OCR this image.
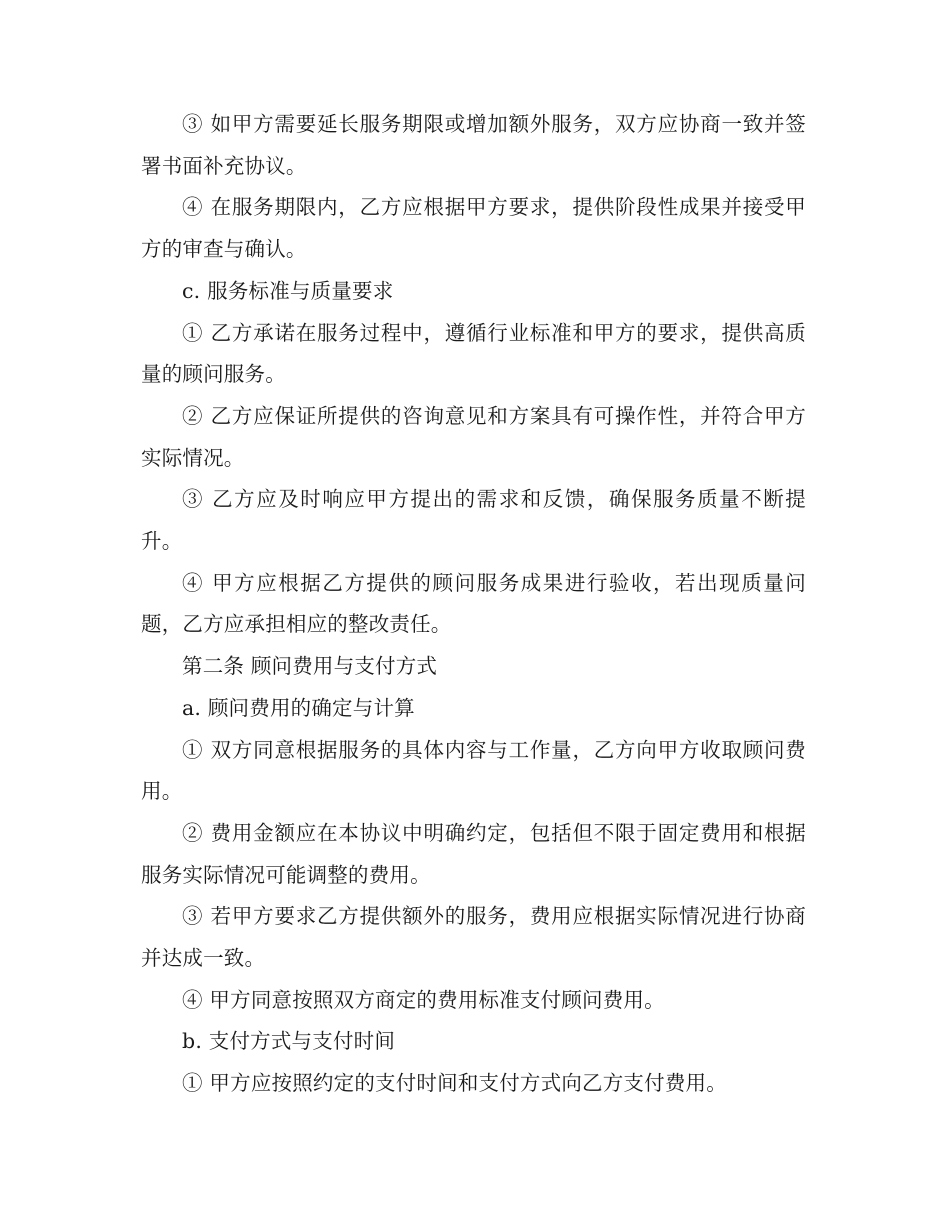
③ 如甲方需要延长服务期限或增加额外服务，双方应协商一致并签署书面补充协议。

④ 在服务期限内，乙方应根据甲方要求，提供阶段性成果并接受甲方的审查与确认。

c. 服务标准与质量要求

① 乙方承诺在服务过程中，遵循行业标准和甲方的要求，提供高质量的顾问服务。

② 乙方应保证所提供的咨询意见和方案具有可操作性，并符合甲方实际情况。

③ 乙方应及时响应甲方提出的需求和反馈，确保服务质量不断提升。

④ 甲方应根据乙方提供的顾问服务成果进行验收，若出现质量问题，乙方应承担相应的整改责任。

第二条 顾问费用与支付方式

a. 顾问费用的确定与计算

① 双方同意根据服务的具体内容与工作量，乙方向甲方收取顾问费用。

② 费用金额应在本协议中明确约定，包括但不限于固定费用和根据服务实际情况可能调整的费用。

③ 若甲方要求乙方提供额外的服务，费用应根据实际情况进行协商并达成一致。

④ 甲方同意按照双方商定的费用标准支付顾问费用。

b. 支付方式与支付时间

① 甲方应按照约定的支付时间和支付方式向乙方支付费用。
